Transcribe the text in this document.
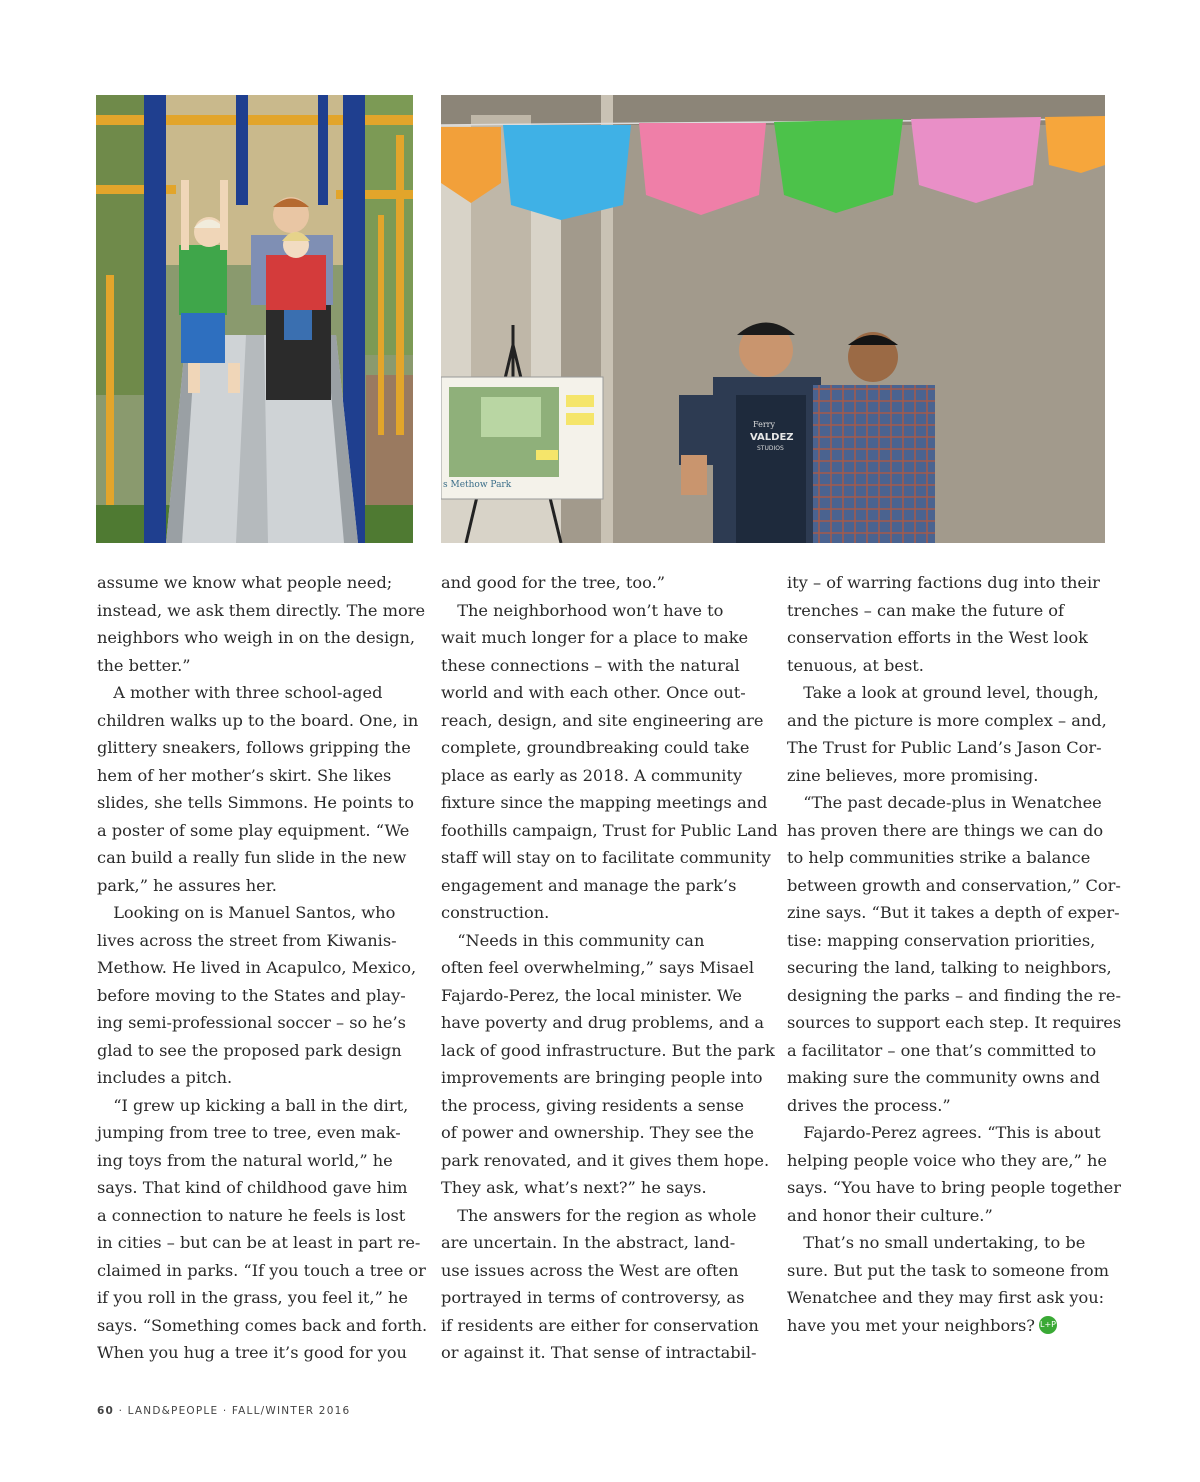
s Methow Park
Ferry
VALDEZ
STUDIOS
assume we know what people need;
instead, we ask them directly. The more
neighbors who weigh in on the design,
the better.”
 A mother with three school-aged
children walks up to the board. One, in
glittery sneakers, follows gripping the
hem of her mother’s skirt. She likes
slides, she tells Simmons. He points to
a poster of some play equipment. “We
can build a really fun slide in the new
park,” he assures her.
 Looking on is Manuel Santos, who
lives across the street from Kiwanis-
Methow. He lived in Acapulco, Mexico,
before moving to the States and play-
ing semi-professional soccer – so he’s
glad to see the proposed park design
includes a pitch.
 “I grew up kicking a ball in the dirt,
jumping from tree to tree, even mak-
ing toys from the natural world,” he
says. That kind of childhood gave him
a connection to nature he feels is lost
in cities – but can be at least in part re-
claimed in parks. “If you touch a tree or
if you roll in the grass, you feel it,” he
says. “Something comes back and forth.
When you hug a tree it’s good for you
and good for the tree, too.”
 The neighborhood won’t have to
wait much longer for a place to make
these connections – with the natural
world and with each other. Once out-
reach, design, and site engineering are
complete, groundbreaking could take
place as early as 2018. A community
fixture since the mapping meetings and
foothills campaign, Trust for Public Land
staff will stay on to facilitate community
engagement and manage the park’s
construction.
 “Needs in this community can
often feel overwhelming,” says Misael
Fajardo-Perez, the local minister. We
have poverty and drug problems, and a
lack of good infrastructure. But the park
improvements are bringing people into
the process, giving residents a sense
of power and ownership. They see the
park renovated, and it gives them hope.
They ask, what’s next?” he says.
 The answers for the region as whole
are uncertain. In the abstract, land-
use issues across the West are often
portrayed in terms of controversy, as
if residents are either for conservation
or against it. That sense of intractabil-
ity – of warring factions dug into their
trenches – can make the future of
conservation efforts in the West look
tenuous, at best.
 Take a look at ground level, though,
and the picture is more complex – and,
The Trust for Public Land’s Jason Cor-
zine believes, more promising.
 “The past decade-plus in Wenatchee
has proven there are things we can do
to help communities strike a balance
between growth and conservation,” Cor-
zine says. “But it takes a depth of exper-
tise: mapping conservation priorities,
securing the land, talking to neighbors,
designing the parks – and finding the re-
sources to support each step. It requires
a facilitator – one that’s committed to
making sure the community owns and
drives the process.”
 Fajardo-Perez agrees. “This is about
helping people voice who they are,” he
says. “You have to bring people together
and honor their culture.”
 That’s no small undertaking, to be
sure. But put the task to someone from
Wenatchee and they may first ask you:
have you met your neighbors? L+P
60 · LAND&PEOPLE · FALL/WINTER 2016
